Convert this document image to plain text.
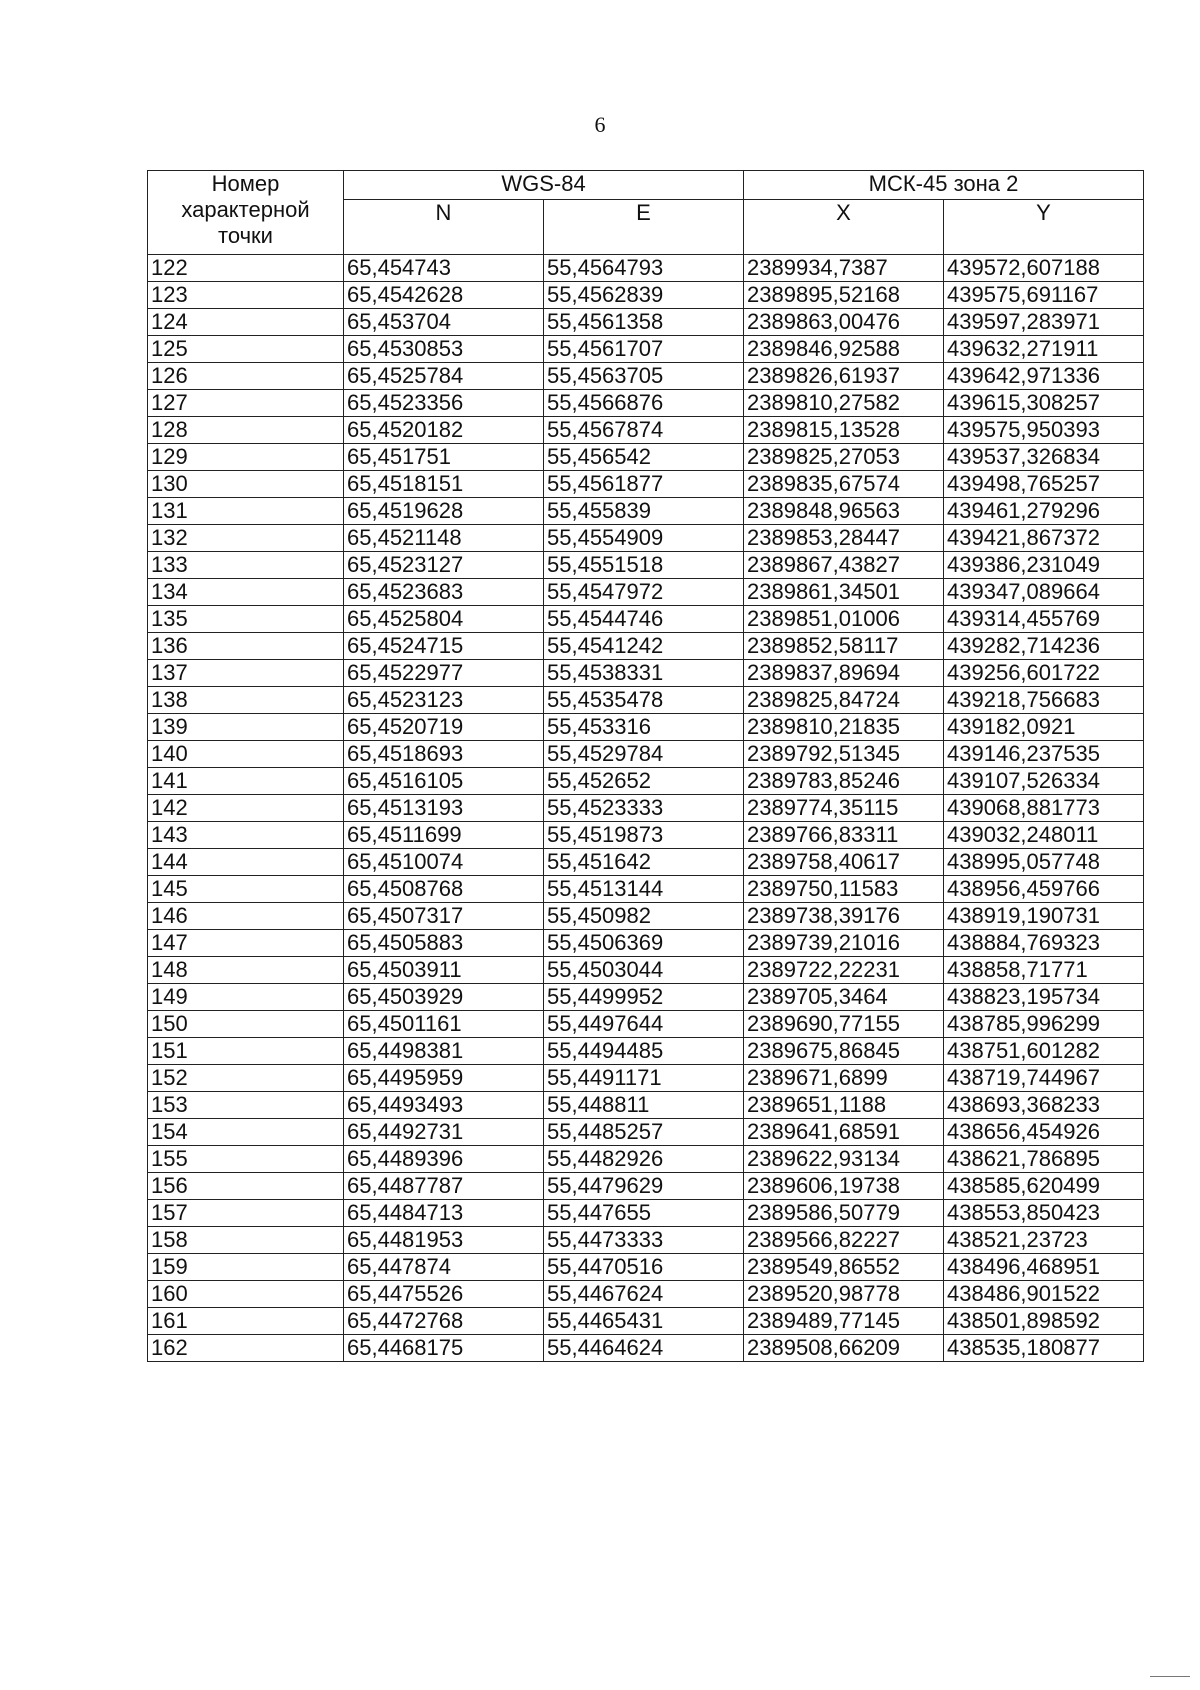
6
Номер характерной точки	WGS-84		МСК-45 зона 2	
	N	E	X	Y
122	65,454743	55,4564793	2389934,7387	439572,607188
123	65,4542628	55,4562839	2389895,52168	439575,691167
124	65,453704	55,4561358	2389863,00476	439597,283971
125	65,4530853	55,4561707	2389846,92588	439632,271911
126	65,4525784	55,4563705	2389826,61937	439642,971336
127	65,4523356	55,4566876	2389810,27582	439615,308257
128	65,4520182	55,4567874	2389815,13528	439575,950393
129	65,451751	55,456542	2389825,27053	439537,326834
130	65,4518151	55,4561877	2389835,67574	439498,765257
131	65,4519628	55,455839	2389848,96563	439461,279296
132	65,4521148	55,4554909	2389853,28447	439421,867372
133	65,4523127	55,4551518	2389867,43827	439386,231049
134	65,4523683	55,4547972	2389861,34501	439347,089664
135	65,4525804	55,4544746	2389851,01006	439314,455769
136	65,4524715	55,4541242	2389852,58117	439282,714236
137	65,4522977	55,4538331	2389837,89694	439256,601722
138	65,4523123	55,4535478	2389825,84724	439218,756683
139	65,4520719	55,453316	2389810,21835	439182,0921
140	65,4518693	55,4529784	2389792,51345	439146,237535
141	65,4516105	55,452652	2389783,85246	439107,526334
142	65,4513193	55,4523333	2389774,35115	439068,881773
143	65,4511699	55,4519873	2389766,83311	439032,248011
144	65,4510074	55,451642	2389758,40617	438995,057748
145	65,4508768	55,4513144	2389750,11583	438956,459766
146	65,4507317	55,450982	2389738,39176	438919,190731
147	65,4505883	55,4506369	2389739,21016	438884,769323
148	65,4503911	55,4503044	2389722,22231	438858,71771
149	65,4503929	55,4499952	2389705,3464	438823,195734
150	65,4501161	55,4497644	2389690,77155	438785,996299
151	65,4498381	55,4494485	2389675,86845	438751,601282
152	65,4495959	55,4491171	2389671,6899	438719,744967
153	65,4493493	55,448811	2389651,1188	438693,368233
154	65,4492731	55,4485257	2389641,68591	438656,454926
155	65,4489396	55,4482926	2389622,93134	438621,786895
156	65,4487787	55,4479629	2389606,19738	438585,620499
157	65,4484713	55,447655	2389586,50779	438553,850423
158	65,4481953	55,4473333	2389566,82227	438521,23723
159	65,447874	55,4470516	2389549,86552	438496,468951
160	65,4475526	55,4467624	2389520,98778	438486,901522
161	65,4472768	55,4465431	2389489,77145	438501,898592
162	65,4468175	55,4464624	2389508,66209	438535,180877
